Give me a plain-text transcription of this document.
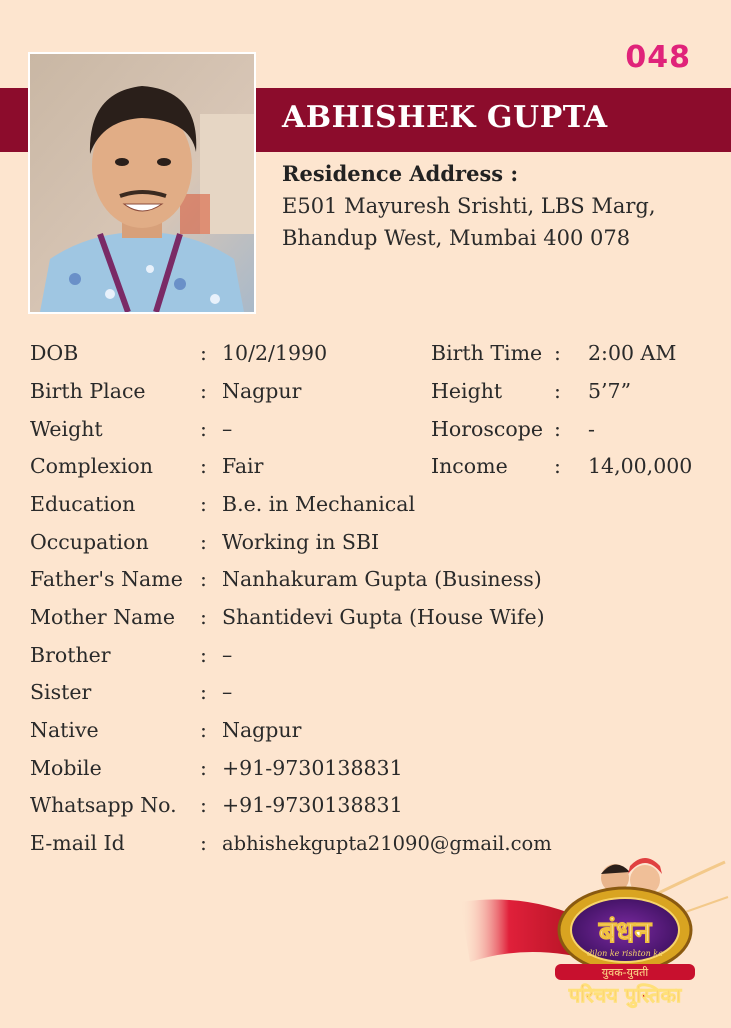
048
ABHISHEK GUPTA
Residence Address :
E501 Mayuresh Srishti, LBS Marg,
Bhandup West, Mumbai 400 078
DOB	: 10/2/1990
Birth Place	: Nagpur
Weight	: –
Complexion : Fair
Education	: B.e. in Mechanical
Occupation	: Working in SBI
Father's Name : Nanhakuram Gupta (Business)
Mother Name : Shantidevi Gupta (House Wife)
Brother	: –
Sister	: –
Native	: Nagpur
Mobile	: +91-9730138831
Whatsapp No. : +91-9730138831
E-mail Id	: abhishekgupta21090@gmail.com
Birth Time : 2:00 AM
Height	: 5’7”
Horoscope : -
Income : 14,00,000
बंधन
dilon ke rishton ka
युवक-युवती
परिचय पुस्तिका
